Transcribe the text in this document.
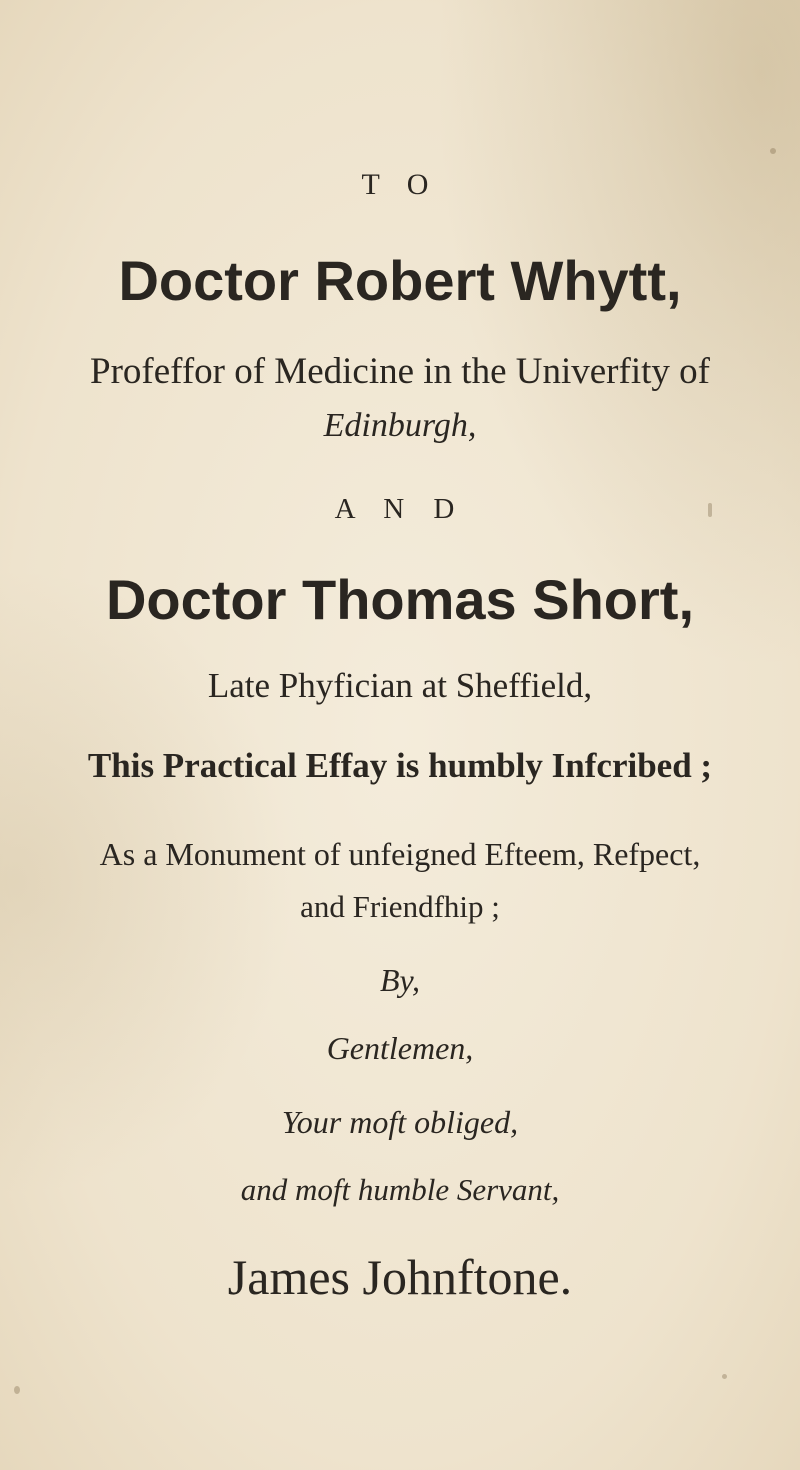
T O
Doctor Robert Whytt,
Profeffor of Medicine in the Univerfity of
Edinburgh,
A N D
Doctor Thomas Short,
Late Phyfician at Sheffield,
This Practical Effay is humbly Infcribed ;
As a Monument of unfeigned Efteem, Refpect,
and Friendfhip ;
By,
Gentlemen,
Your moft obliged,
and moft humble Servant,
James Johnftone.
